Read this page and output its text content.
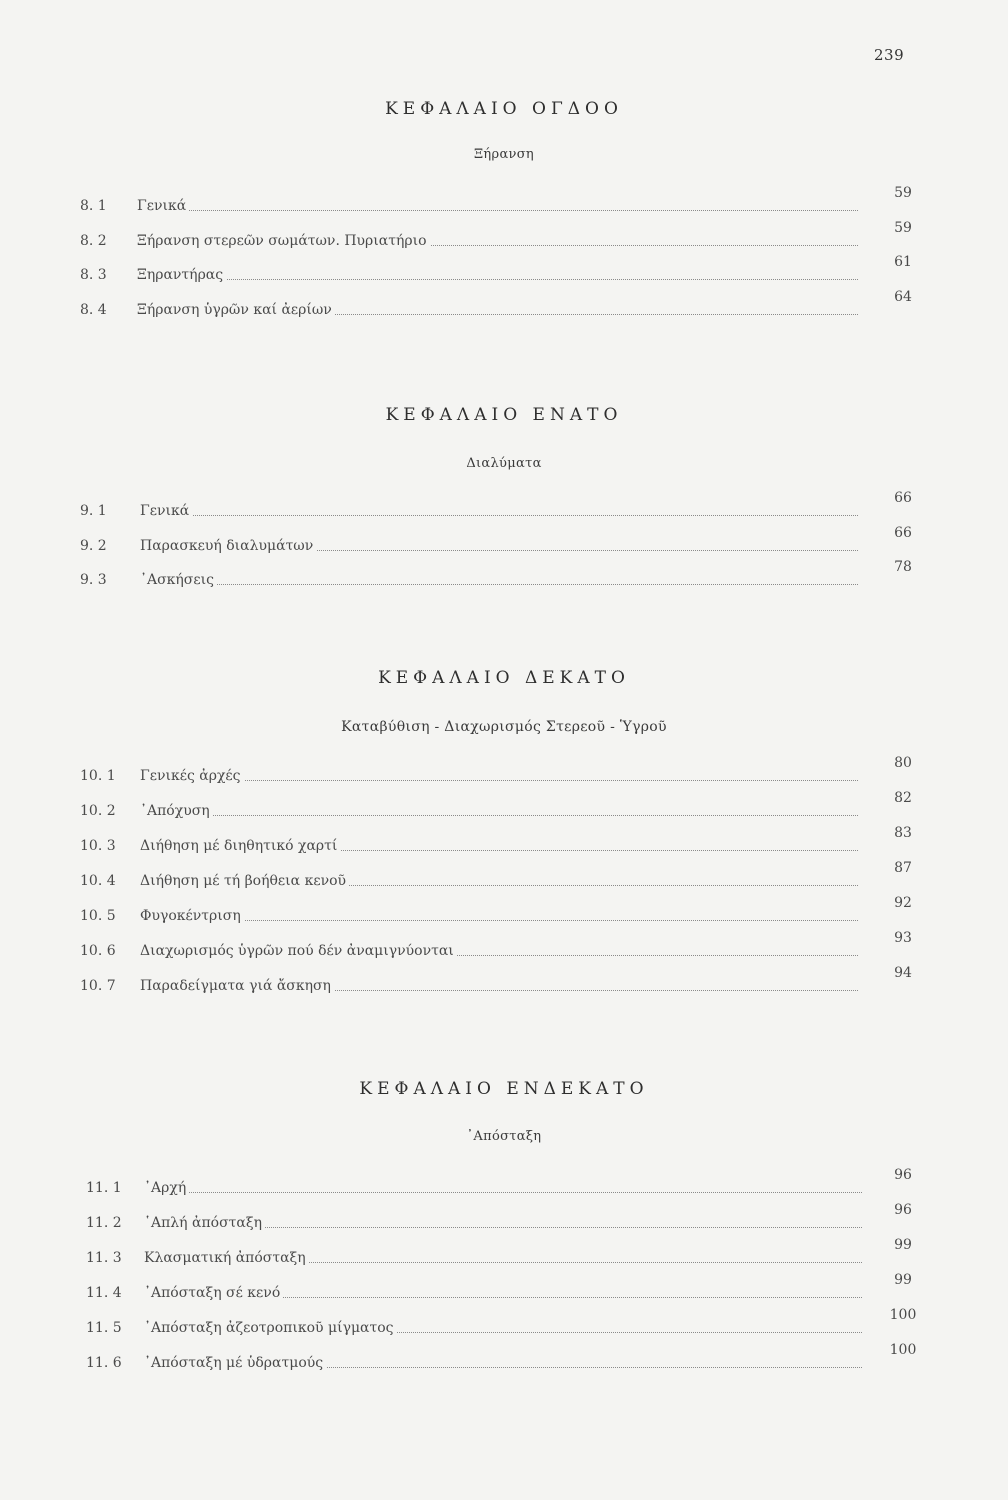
239
ΚΕΦΑΛΑΙΟ ΟΓΔΟΟ
Ξήρανση
8. 1 Γενικά
59
8. 2 Ξήρανση στερεῶν σωμάτων. Πυριατήριο
59
8. 3 Ξηραντήρας
61
8. 4 Ξήρανση ὑγρῶν καί ἀερίων
64
ΚΕΦΑΛΑΙΟ ΕΝΑΤΟ
Διαλύματα
9. 1 Γενικά
66
9. 2 Παρασκευή διαλυμάτων
66
9. 3 ᾿Ασκήσεις
78
ΚΕΦΑΛΑΙΟ ΔΕΚΑΤΟ
Καταβύθιση - Διαχωρισμός Στερεοῦ - Ὑγροῦ
10. 1 Γενικές ἀρχές
80
10. 2 ᾿Απόχυση
82
10. 3 Διήθηση μέ διηθητικό χαρτί
83
10. 4 Διήθηση μέ τή βοήθεια κενοῦ
87
10. 5 Φυγοκέντριση
92
10. 6 Διαχωρισμός ὑγρῶν πού δέν ἀναμιγνύονται
93
10. 7 Παραδείγματα γιά ἄσκηση
94
ΚΕΦΑΛΑΙΟ ΕΝΔΕΚΑΤΟ
᾿Απόσταξη
11. 1 ᾿Αρχή
96
11. 2 ῾Απλή ἀπόσταξη
96
11. 3 Κλασματική ἀπόσταξη
99
11. 4 ᾿Απόσταξη σέ κενό
99
11. 5 ᾿Απόσταξη ἀζεοτροπικοῦ μίγματος
100
11. 6 ᾿Απόσταξη μέ ὑδρατμούς
100
